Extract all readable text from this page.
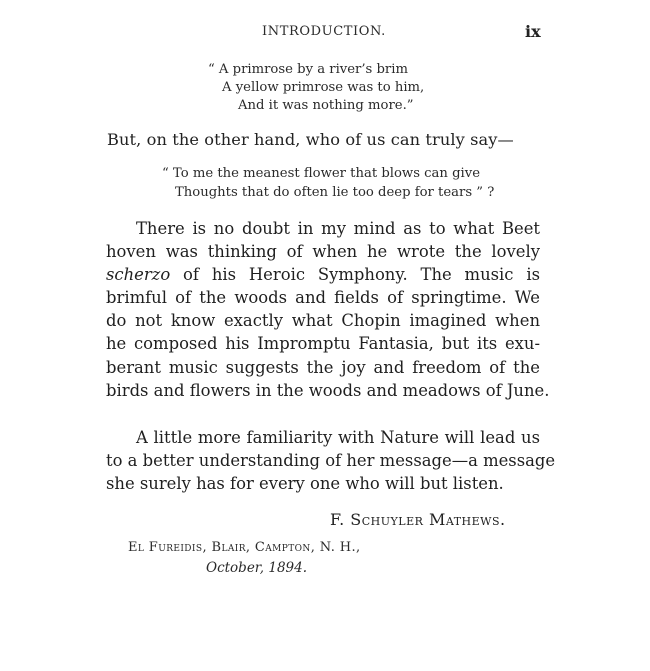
INTRODUCTION.	ix
“ A primrose by a river’s brim
A yellow primrose was to him,
And it was nothing more.”
But, on the other hand, who of us can truly say—
“ To me the meanest flower that blows can give
Thoughts that do often lie too deep for tears ” ?
There is no doubt in my mind as to what Beet
hoven was thinking of when he wrote the lovely
scherzo of his Heroic Symphony. The music is
brimful of the woods and fields of springtime. We
do not know exactly what Chopin imagined when
he composed his Impromptu Fantasia, but its exu-
berant music suggests the joy and freedom of the
birds and flowers in the woods and meadows of June.
A little more familiarity with Nature will lead us
to a better understanding of her message—a message
she surely has for every one who will but listen.
F. Schuyler Mathews.
El Fureidis, Blair, Campton, N. H.,
October, 1894.
